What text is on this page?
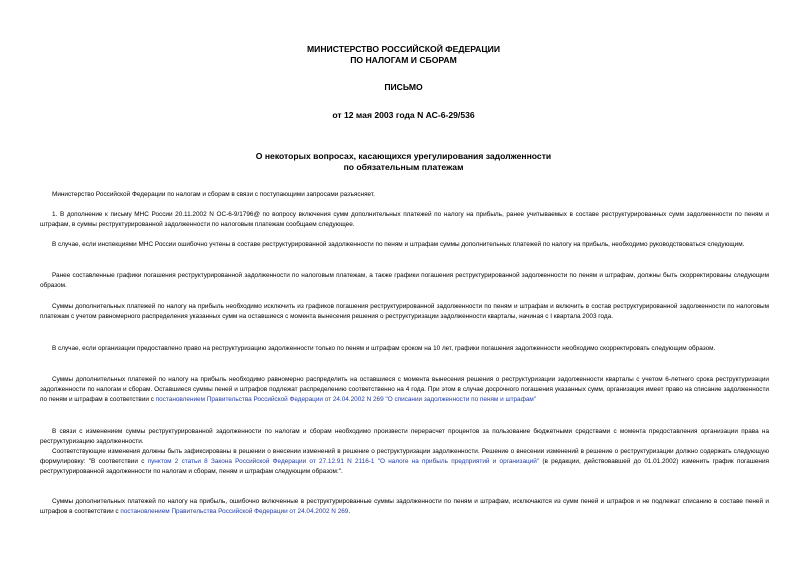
МИНИСТЕРСТВО РОССИЙСКОЙ ФЕДЕРАЦИИ
ПО НАЛОГАМ И СБОРАМ
ПИСЬМО
от 12 мая 2003 года N АС-6-29/536
О некоторых вопросах, касающихся урегулирования задолженности
по обязательным платежам
Министерство Российской Федерации по налогам и сборам в связи с поступающими запросами разъясняет.
1. В дополнение к письму МНС России 20.11.2002 N ОС-6-9/1796@ по вопросу включения сумм дополнительных платежей по налогу на прибыль, ранее учитываемых в составе реструктурированных сумм задолженности по пеням и штрафам, в суммы реструктурированной задолженности по налоговым платежам сообщаем следующее.
В случае, если инспекциями МНС России ошибочно учтены в составе реструктурированной задолженности по пеням и штрафам суммы дополнительных платежей по налогу на прибыль, необходимо руководствоваться следующим.
Ранее составленные графики погашения реструктурированной задолженности по налоговым платежам, а также графики погашения реструктурированной задолженности по пеням и штрафам, должны быть скорректированы следующим образом.
Суммы дополнительных платежей по налогу на прибыль необходимо исключить из графиков погашения реструктурированной задолженности по пеням и штрафам и включить в состав реструктурированной задолженности по налоговым платежам с учетом равномерного распределения указанных сумм на оставшиеся с момента вынесения решения о реструктуризации задолженности кварталы, начиная с I квартала 2003 года.
В случае, если организации предоставлено право на реструктуризацию задолженности только по пеням и штрафам сроком на 10 лет, графики погашения задолженности необходимо скорректировать следующим образом.
Суммы дополнительных платежей по налогу на прибыль необходимо равномерно распределить на оставшиеся с момента вынесения решения о реструктуризации задолженности кварталы с учетом 6-летнего срока реструктуризации задолженности по налогам и сборам. Оставшиеся суммы пеней и штрафов подлежат распределению соответственно на 4 года. При этом в случае досрочного погашения указанных сумм, организация имеет право на списание задолженности по пеням и штрафам в соответствии с постановлением Правительства Российской Федерации от 24.04.2002 N 269 "О списании задолженности по пеням и штрафам"
В связи с изменением суммы реструктурированной задолженности по налогам и сборам необходимо произвести перерасчет процентов за пользование бюджетными средствами с момента предоставления организации права на реструктуризацию задолженности.
Соответствующие изменения должны быть зафиксированы в решении о внесении изменений в решение о реструктуризации задолженности. Решение о внесении изменений в решение о реструктуризации должно содержать следующую формулировку: "В соответствии с пунктом 2 статьи 8 Закона Российской Федерации от 27.12.91 N 2116-1 "О налоге на прибыль предприятий и организаций" (в редакции, действовавшей до 01.01.2002) изменить график погашения реструктурированной задолженности по налогам и сборам, пеням и штрафам следующим образом:".
Суммы дополнительных платежей по налогу на прибыль, ошибочно включенные в реструктурированные суммы задолженности по пеням и штрафам, исключаются из сумм пеней и штрафов и не подлежат списанию в составе пеней и штрафов в соответствии с постановлением Правительства Российской Федерации от 24.04.2002 N 269.
